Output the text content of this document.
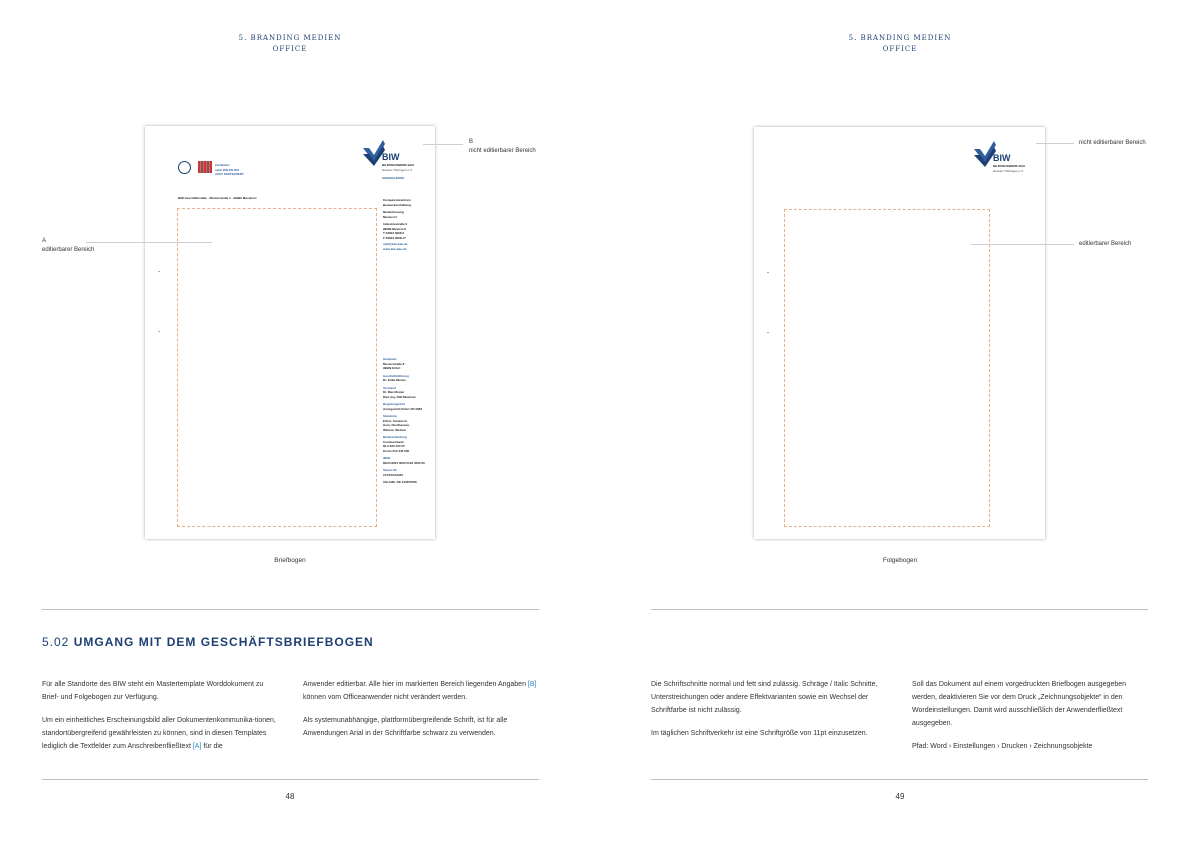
5. BRANDING MEDIEN
OFFICE
Zertifiziert
nach DIN EN ISO
AZAV ZERTIFIZIERT
BIW Geschäftsstelle · Musterstraße 1 · 99999 Musterort
BIW
BILDUNGSWERK BAU
Hessen-Thüringen e.V.
GEISWALDORF
Kompetenzzentrum
Bauwerkserhaltung
Niederlassung
Musterort
Industriestraße 9
99999 Musterort
T 03623 3098-0
F 03623 3098-17
mail@biw-bau.de
www.biw-bau.de
Hauptsitz
Musterstraße 8
99999 Erfurt
Geschäftsführung
Dr. Erika Muster
Vorstand
Dr. Max Muster
Dipl.-Ing. Ralf Musterer
Registergericht
Amtsgericht Erfurt VR 2082
Standorte
Erfurt, Sondersh.
Gera, Nordhausen,
Weimar, Weimar
Bankverbindung
Commerzbank
BLZ 820 400 00
Konto 012 345 600
IBAN
DE00 8204 0000 0123 4560 00
Steuer-Nr.
151/122/12345
USt-IdNr. DE 123456789
A
editierbarer Bereich
B
nicht editierbarer Bereich
Briefbogen
5.02 UMGANG MIT DEM GESCHÄFTSBRIEFBOGEN

Für alle Standorte des BIW steht ein Mastertemplate Worddokument zu Brief- und Folgebogen zur Verfügung.

Um ein einheitliches Erscheinungsbild aller Dokumentenkommunika-tionen, standortübergreifend gewährleisten zu können, sind in diesen Templates lediglich die Textfelder zum Anschreibenfließtext [A] für die

Anwender editierbar. Alle hier im markierten Bereich liegenden Angaben [B] können vom Officeanwender nicht verändert werden.

Als systemunabhängige, plattformübergreifende Schrift, ist für alle Anwendungen Arial in der Schriftfarbe schwarz zu verwenden.

48
5. BRANDING MEDIEN
OFFICE
BIW
BILDUNGSWERK BAU
Hessen-Thüringen e.V.
nicht editierbarer Bereich
editierbarer Bereich
Folgebogen

Die Schriftschnitte normal und fett sind zulässig. Schräge / Italic Schnitte, Unterstreichungen oder andere Effektvarianten sowie ein Wechsel der Schriftfarbe ist nicht zulässig.

Im täglichen Schriftverkehr ist eine Schriftgröße von 11pt einzusetzen.

Soll das Dokument auf einem vorgedruckten Briefbogen ausgegeben werden, deaktivieren Sie vor dem Druck „Zeichnungsobjekte“ in den Wordeinstellungen. Damit wird ausschließlich der Anwenderfließtext ausgegeben.

Pfad: Word › Einstellungen › Drucken › Zeichnungsobjekte

49
